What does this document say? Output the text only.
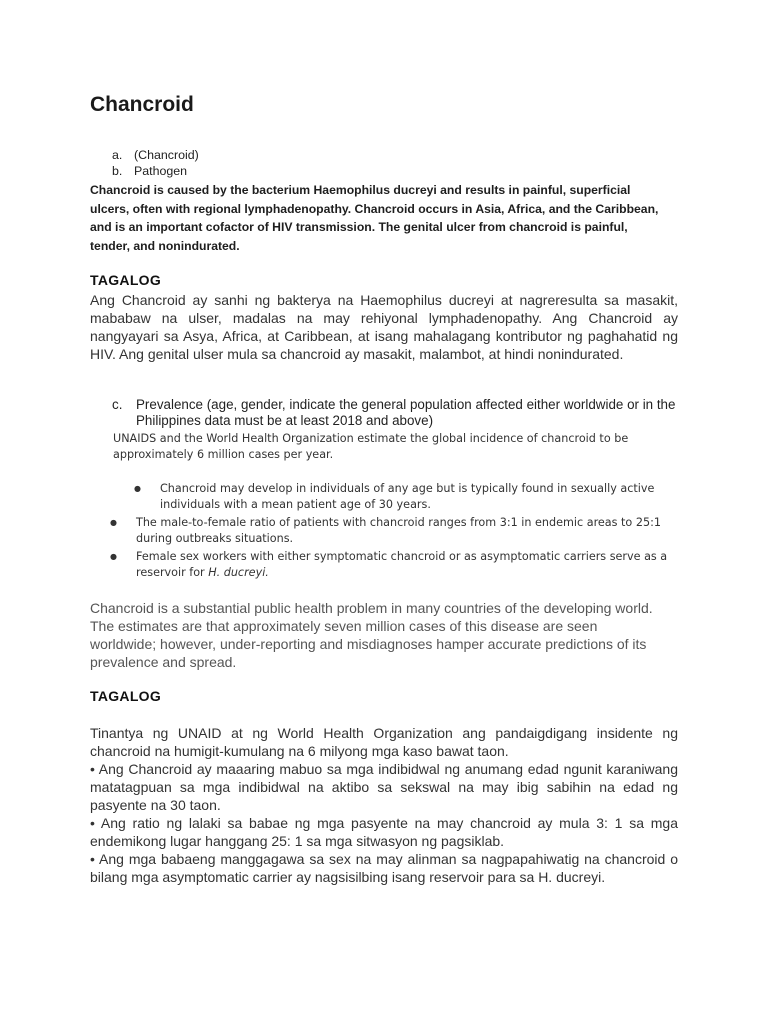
Chancroid
a. (Chancroid)
b. Pathogen

Chancroid is caused by the bacterium Haemophilus ducreyi and results in painful, superficial ulcers, often with regional lymphadenopathy. Chancroid occurs in Asia, Africa, and the Caribbean, and is an important cofactor of HIV transmission. The genital ulcer from chancroid is painful, tender, and nonindurated.

TAGALOG

Ang Chancroid ay sanhi ng bakterya na Haemophilus ducreyi at nagreresulta sa masakit, mababaw na ulser, madalas na may rehiyonal lymphadenopathy. Ang Chancroid ay nangyayari sa Asya, Africa, at Caribbean, at isang mahalagang kontributor ng paghahatid ng HIV. Ang genital ulser mula sa chancroid ay masakit, malambot, at hindi nonindurated.

c.	Prevalence (age, gender, indicate the general population affected either worldwide or in the Philippines data must be at least 2018 and above)

UNAIDS and the World Health Organization estimate the global incidence of chancroid to be approximately 6 million cases per year.

●	Chancroid may develop in individuals of any age but is typically found in sexually active individuals with a mean patient age of 30 years.
●	The male-to-female ratio of patients with chancroid ranges from 3:1 in endemic areas to 25:1 during outbreaks situations.
●	Female sex workers with either symptomatic chancroid or as asymptomatic carriers serve as a reservoir for H. ducreyi.

Chancroid is a substantial public health problem in many countries of the developing world. The estimates are that approximately seven million cases of this disease are seen worldwide; however, under-reporting and misdiagnoses hamper accurate predictions of its prevalence and spread.

TAGALOG

Tinantya ng UNAID at ng World Health Organization ang pandaigdigang insidente ng chancroid na humigit-kumulang na 6 milyong mga kaso bawat taon.

• Ang Chancroid ay maaaring mabuo sa mga indibidwal ng anumang edad ngunit karaniwang matatagpuan sa mga indibidwal na aktibo sa sekswal na may ibig sabihin na edad ng pasyente na 30 taon.

• Ang ratio ng lalaki sa babae ng mga pasyente na may chancroid ay mula 3: 1 sa mga endemikong lugar hanggang 25: 1 sa mga sitwasyon ng pagsiklab.

• Ang mga babaeng manggagawa sa sex na may alinman sa nagpapahiwatig na chancroid o bilang mga asymptomatic carrier ay nagsisilbing isang reservoir para sa H. ducreyi.
